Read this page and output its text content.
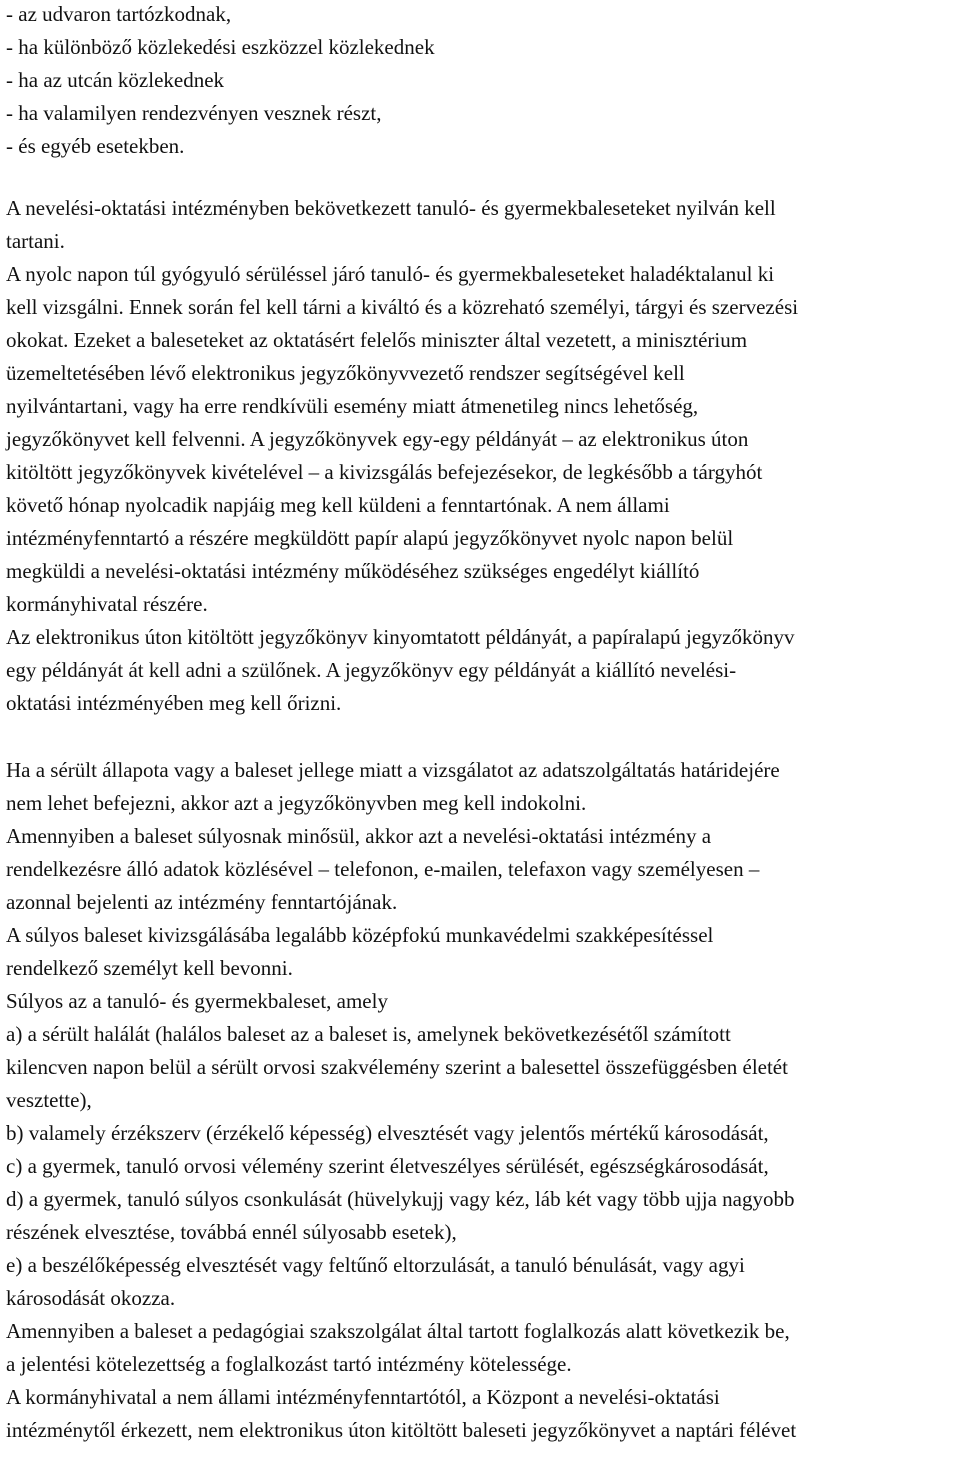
- az udvaron tartózkodnak,
- ha különböző közlekedési eszközzel közlekednek
- ha az utcán közlekednek
- ha valamilyen rendezvényen vesznek részt,
- és egyéb esetekben.
A nevelési-oktatási intézményben bekövetkezett tanuló- és gyermekbaleseteket nyilván kell
tartani.
A nyolc napon túl gyógyuló sérüléssel járó tanuló- és gyermekbaleseteket haladéktalanul ki
kell vizsgálni. Ennek során fel kell tárni a kiváltó és a közreható személyi, tárgyi és szervezési
okokat. Ezeket a baleseteket az oktatásért felelős miniszter által vezetett, a minisztérium
üzemeltetésében lévő elektronikus jegyzőkönyvvezető rendszer segítségével kell
nyilvántartani, vagy ha erre rendkívüli esemény miatt átmenetileg nincs lehetőség,
jegyzőkönyvet kell felvenni. A jegyzőkönyvek egy-egy példányát – az elektronikus úton
kitöltött jegyzőkönyvek kivételével – a kivizsgálás befejezésekor, de legkésőbb a tárgyhót
követő hónap nyolcadik napjáig meg kell küldeni a fenntartónak. A nem állami
intézményfenntartó a részére megküldött papír alapú jegyzőkönyvet nyolc napon belül
megküldi a nevelési-oktatási intézmény működéséhez szükséges engedélyt kiállító
kormányhivatal részére.
Az elektronikus úton kitöltött jegyzőkönyv kinyomtatott példányát, a papíralapú jegyzőkönyv
egy példányát át kell adni a szülőnek. A jegyzőkönyv egy példányát a kiállító nevelési-
oktatási intézményében meg kell őrizni.
Ha a sérült állapota vagy a baleset jellege miatt a vizsgálatot az adatszolgáltatás határidejére
nem lehet befejezni, akkor azt a jegyzőkönyvben meg kell indokolni.
Amennyiben a baleset súlyosnak minősül, akkor azt a nevelési-oktatási intézmény a
rendelkezésre álló adatok közlésével – telefonon, e-mailen, telefaxon vagy személyesen –
azonnal bejelenti az intézmény fenntartójának.
A súlyos baleset kivizsgálásába legalább középfokú munkavédelmi szakképesítéssel
rendelkező személyt kell bevonni.
Súlyos az a tanuló- és gyermekbaleset, amely
a) a sérült halálát (halálos baleset az a baleset is, amelynek bekövetkezésétől számított
kilencven napon belül a sérült orvosi szakvélemény szerint a balesettel összefüggésben életét
vesztette),
b) valamely érzékszerv (érzékelő képesség) elvesztését vagy jelentős mértékű károsodását,
c) a gyermek, tanuló orvosi vélemény szerint életveszélyes sérülését, egészségkárosodását,
d) a gyermek, tanuló súlyos csonkulását (hüvelykujj vagy kéz, láb két vagy több ujja nagyobb
részének elvesztése, továbbá ennél súlyosabb esetek),
e) a beszélőképesség elvesztését vagy feltűnő eltorzulását, a tanuló bénulását, vagy agyi
károsodását okozza.
Amennyiben a baleset a pedagógiai szakszolgálat által tartott foglalkozás alatt következik be,
a jelentési kötelezettség a foglalkozást tartó intézmény kötelessége.
A kormányhivatal a nem állami intézményfenntartótól, a Központ a nevelési-oktatási
intézménytől érkezett, nem elektronikus úton kitöltött baleseti jegyzőkönyvet a naptári félévet
